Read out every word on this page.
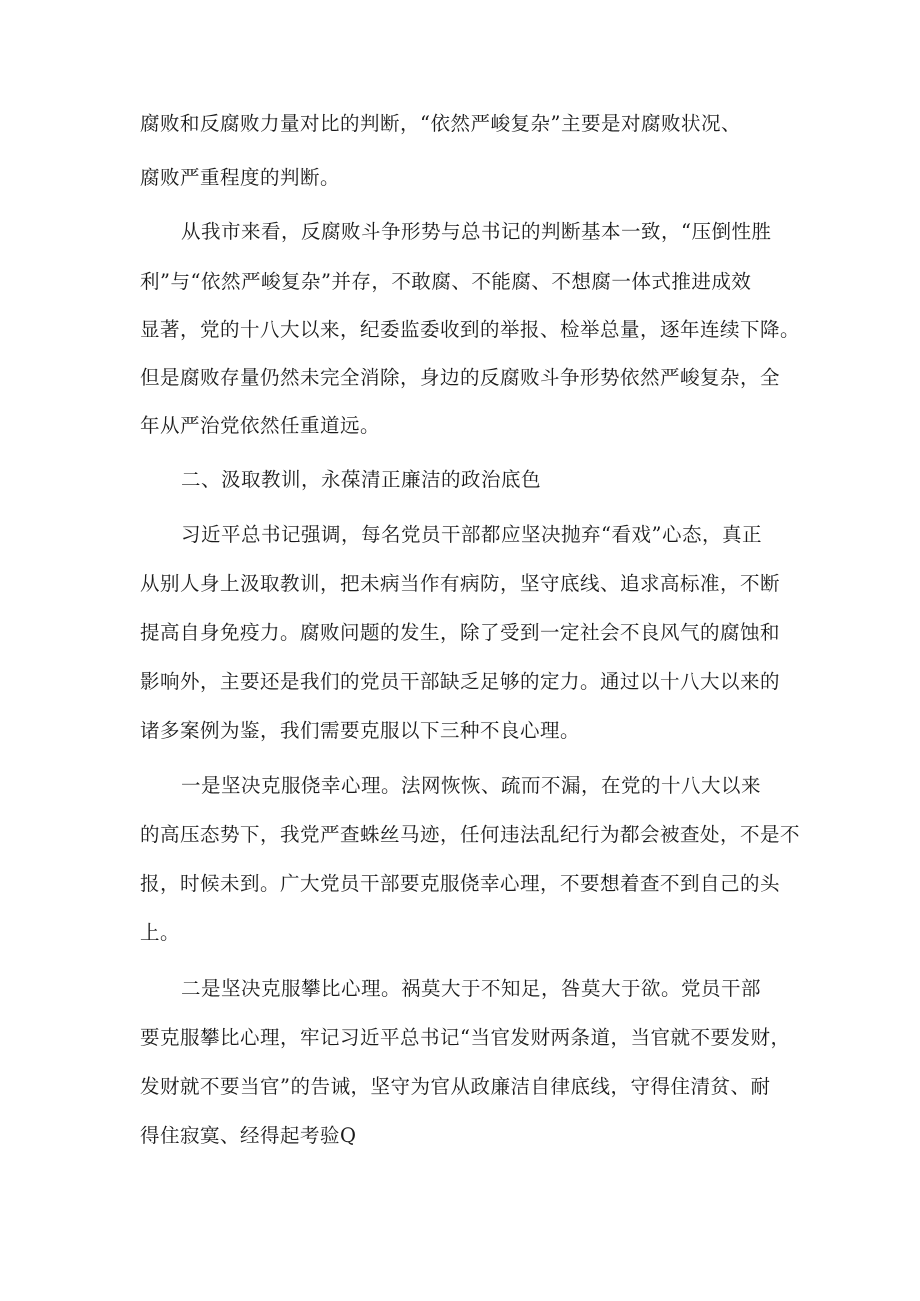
腐败和反腐败力量对比的判断，“依然严峻复杂”主要是对腐败状况、
腐败严重程度的判断。
从我市来看，反腐败斗争形势与总书记的判断基本一致，“压倒性胜
利”与“依然严峻复杂”并存，不敢腐、不能腐、不想腐一体式推进成效
显著，党的十八大以来，纪委监委收到的举报、检举总量，逐年连续下降。
但是腐败存量仍然未完全消除，身边的反腐败斗争形势依然严峻复杂，全
年从严治党依然任重道远。
二、汲取教训，永葆清正廉洁的政治底色
习近平总书记强调，每名党员干部都应坚决抛弃“看戏”心态，真正
从别人身上汲取教训，把未病当作有病防，坚守底线、追求高标准，不断
提高自身免疫力。腐败问题的发生，除了受到一定社会不良风气的腐蚀和
影响外，主要还是我们的党员干部缺乏足够的定力。通过以十八大以来的
诸多案例为鉴，我们需要克服以下三种不良心理。
一是坚决克服侥幸心理。法网恢恢、疏而不漏，在党的十八大以来
的高压态势下，我党严查蛛丝马迹，任何违法乱纪行为都会被查处，不是不
报，时候未到。广大党员干部要克服侥幸心理，不要想着查不到自己的头
上。
二是坚决克服攀比心理。祸莫大于不知足，咎莫大于欲。党员干部
要克服攀比心理，牢记习近平总书记“当官发财两条道，当官就不要发财，
发财就不要当官”的告诫，坚守为官从政廉洁自律底线，守得住清贫、耐
得住寂寞、经得起考验Q
